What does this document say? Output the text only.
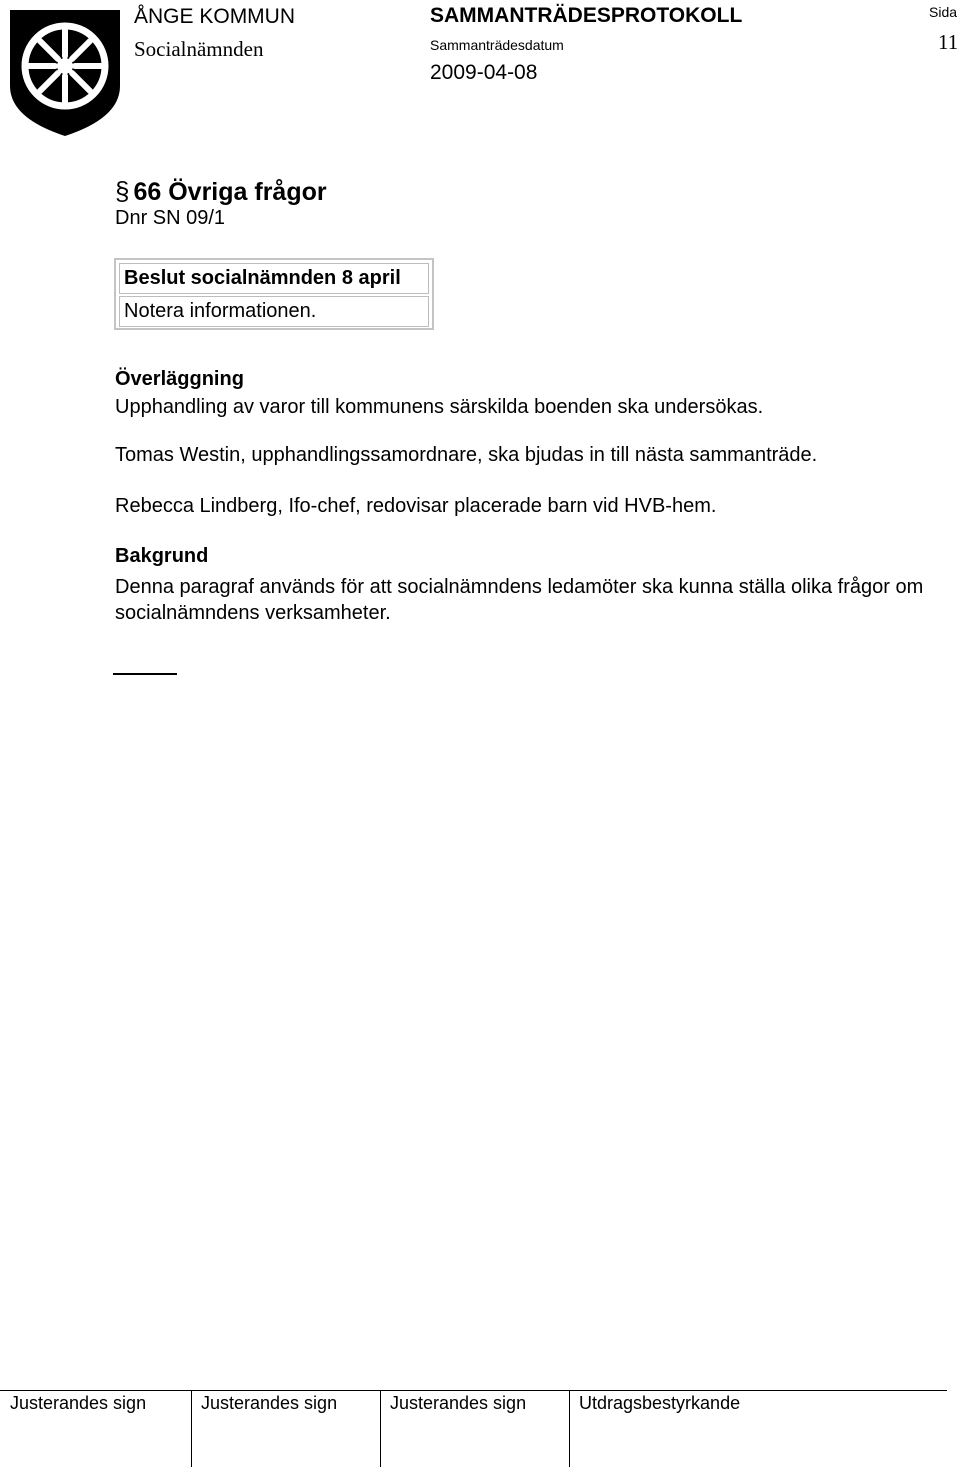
ÅNGE KOMMUN
Socialnämnden
SAMMANTRÄDESPROTOKOLL
Sammanträdesdatum
2009-04-08
Sida
11
§ 66 Övriga frågor
Dnr SN 09/1
Beslut socialnämnden 8 april
Notera informationen.
Överläggning
Upphandling av varor till kommunens särskilda boenden ska undersökas.
Tomas Westin, upphandlingssamordnare, ska bjudas in till nästa sammanträde.
Rebecca Lindberg, Ifo-chef, redovisar placerade barn vid HVB-hem.
Bakgrund
Denna paragraf används för att socialnämndens ledamöter ska kunna ställa olika frågor om socialnämndens verksamheter.
Justerandes sign	Justerandes sign	Justerandes sign	Utdragsbestyrkande
